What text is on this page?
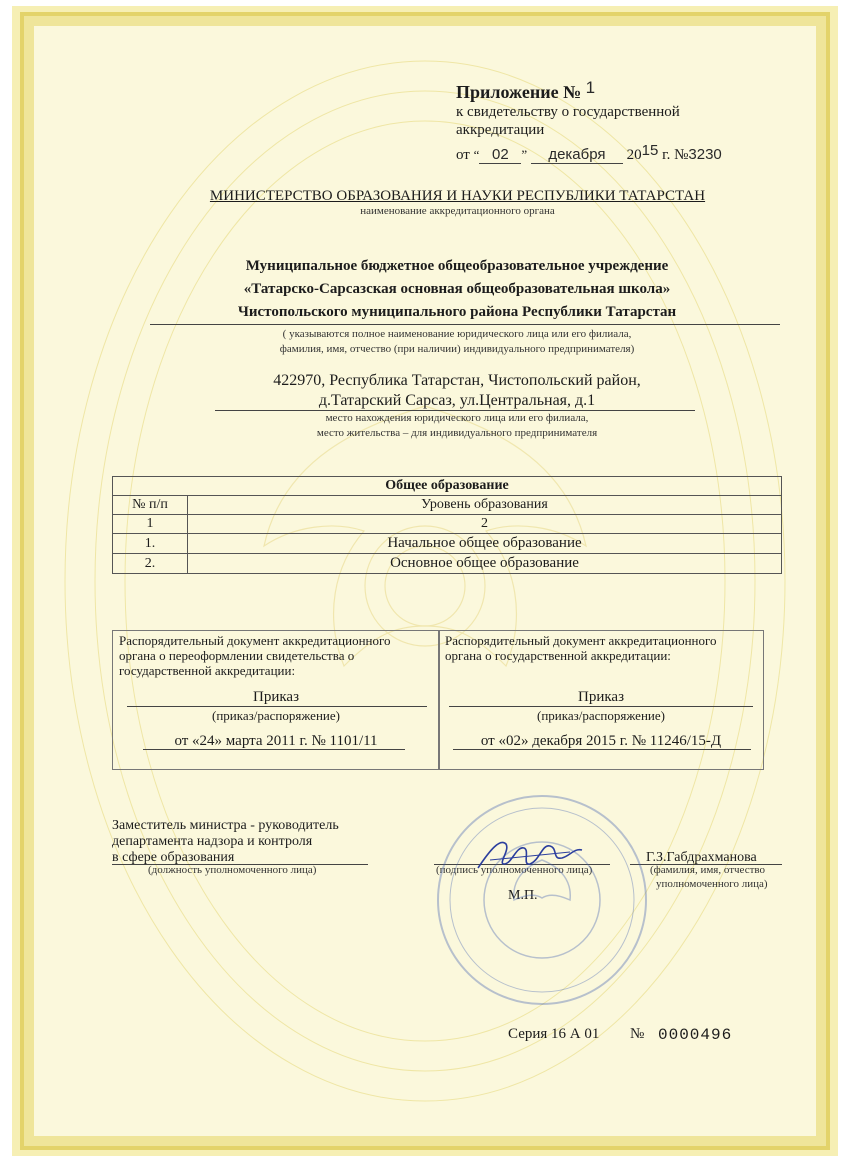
Приложение № 1
к свидетельству о государственной
аккредитации
от “ 02 ” декабря 2015 г. №3230
МИНИСТЕРСТВО ОБРАЗОВАНИЯ И НАУКИ РЕСПУБЛИКИ ТАТАРСТАН
наименование аккредитационного органа
Муниципальное бюджетное общеобразовательное учреждение
«Татарско-Сарсазская основная общеобразовательная школа»
Чистопольского муниципального района Республики Татарстан
( указываются полное наименование юридического лица или его филиала,
фамилия, имя, отчество (при наличии) индивидуального предпринимателя)
422970, Республика Татарстан, Чистопольский район,
д.Татарский Сарсаз, ул.Центральная, д.1
место нахождения юридического лица или его филиала,
место жительства – для индивидуального предпринимателя
Общее образование	
№ п/п	Уровень образования
1	2
1.	Начальное общее образование
2.	Основное общее образование
Распорядительный документ аккредитационного
органа о переоформлении свидетельства о
государственной аккредитации:
Приказ
(приказ/распоряжение)
от «24» марта 2011 г. № 1101/11
Распорядительный документ аккредитационного
органа о государственной аккредитации:
Приказ
(приказ/распоряжение)
от «02» декабря 2015 г. № 11246/15-Д
Заместитель министра - руководитель
департамента надзора и контроля
в сфере образования
(должность уполномоченного лица)	(подпись уполномоченного лица)
Г.З.Габдрахманова
(фамилия, имя, отчество
уполномоченного лица)
М.П.
Серия 16 А 01 № 0000496
